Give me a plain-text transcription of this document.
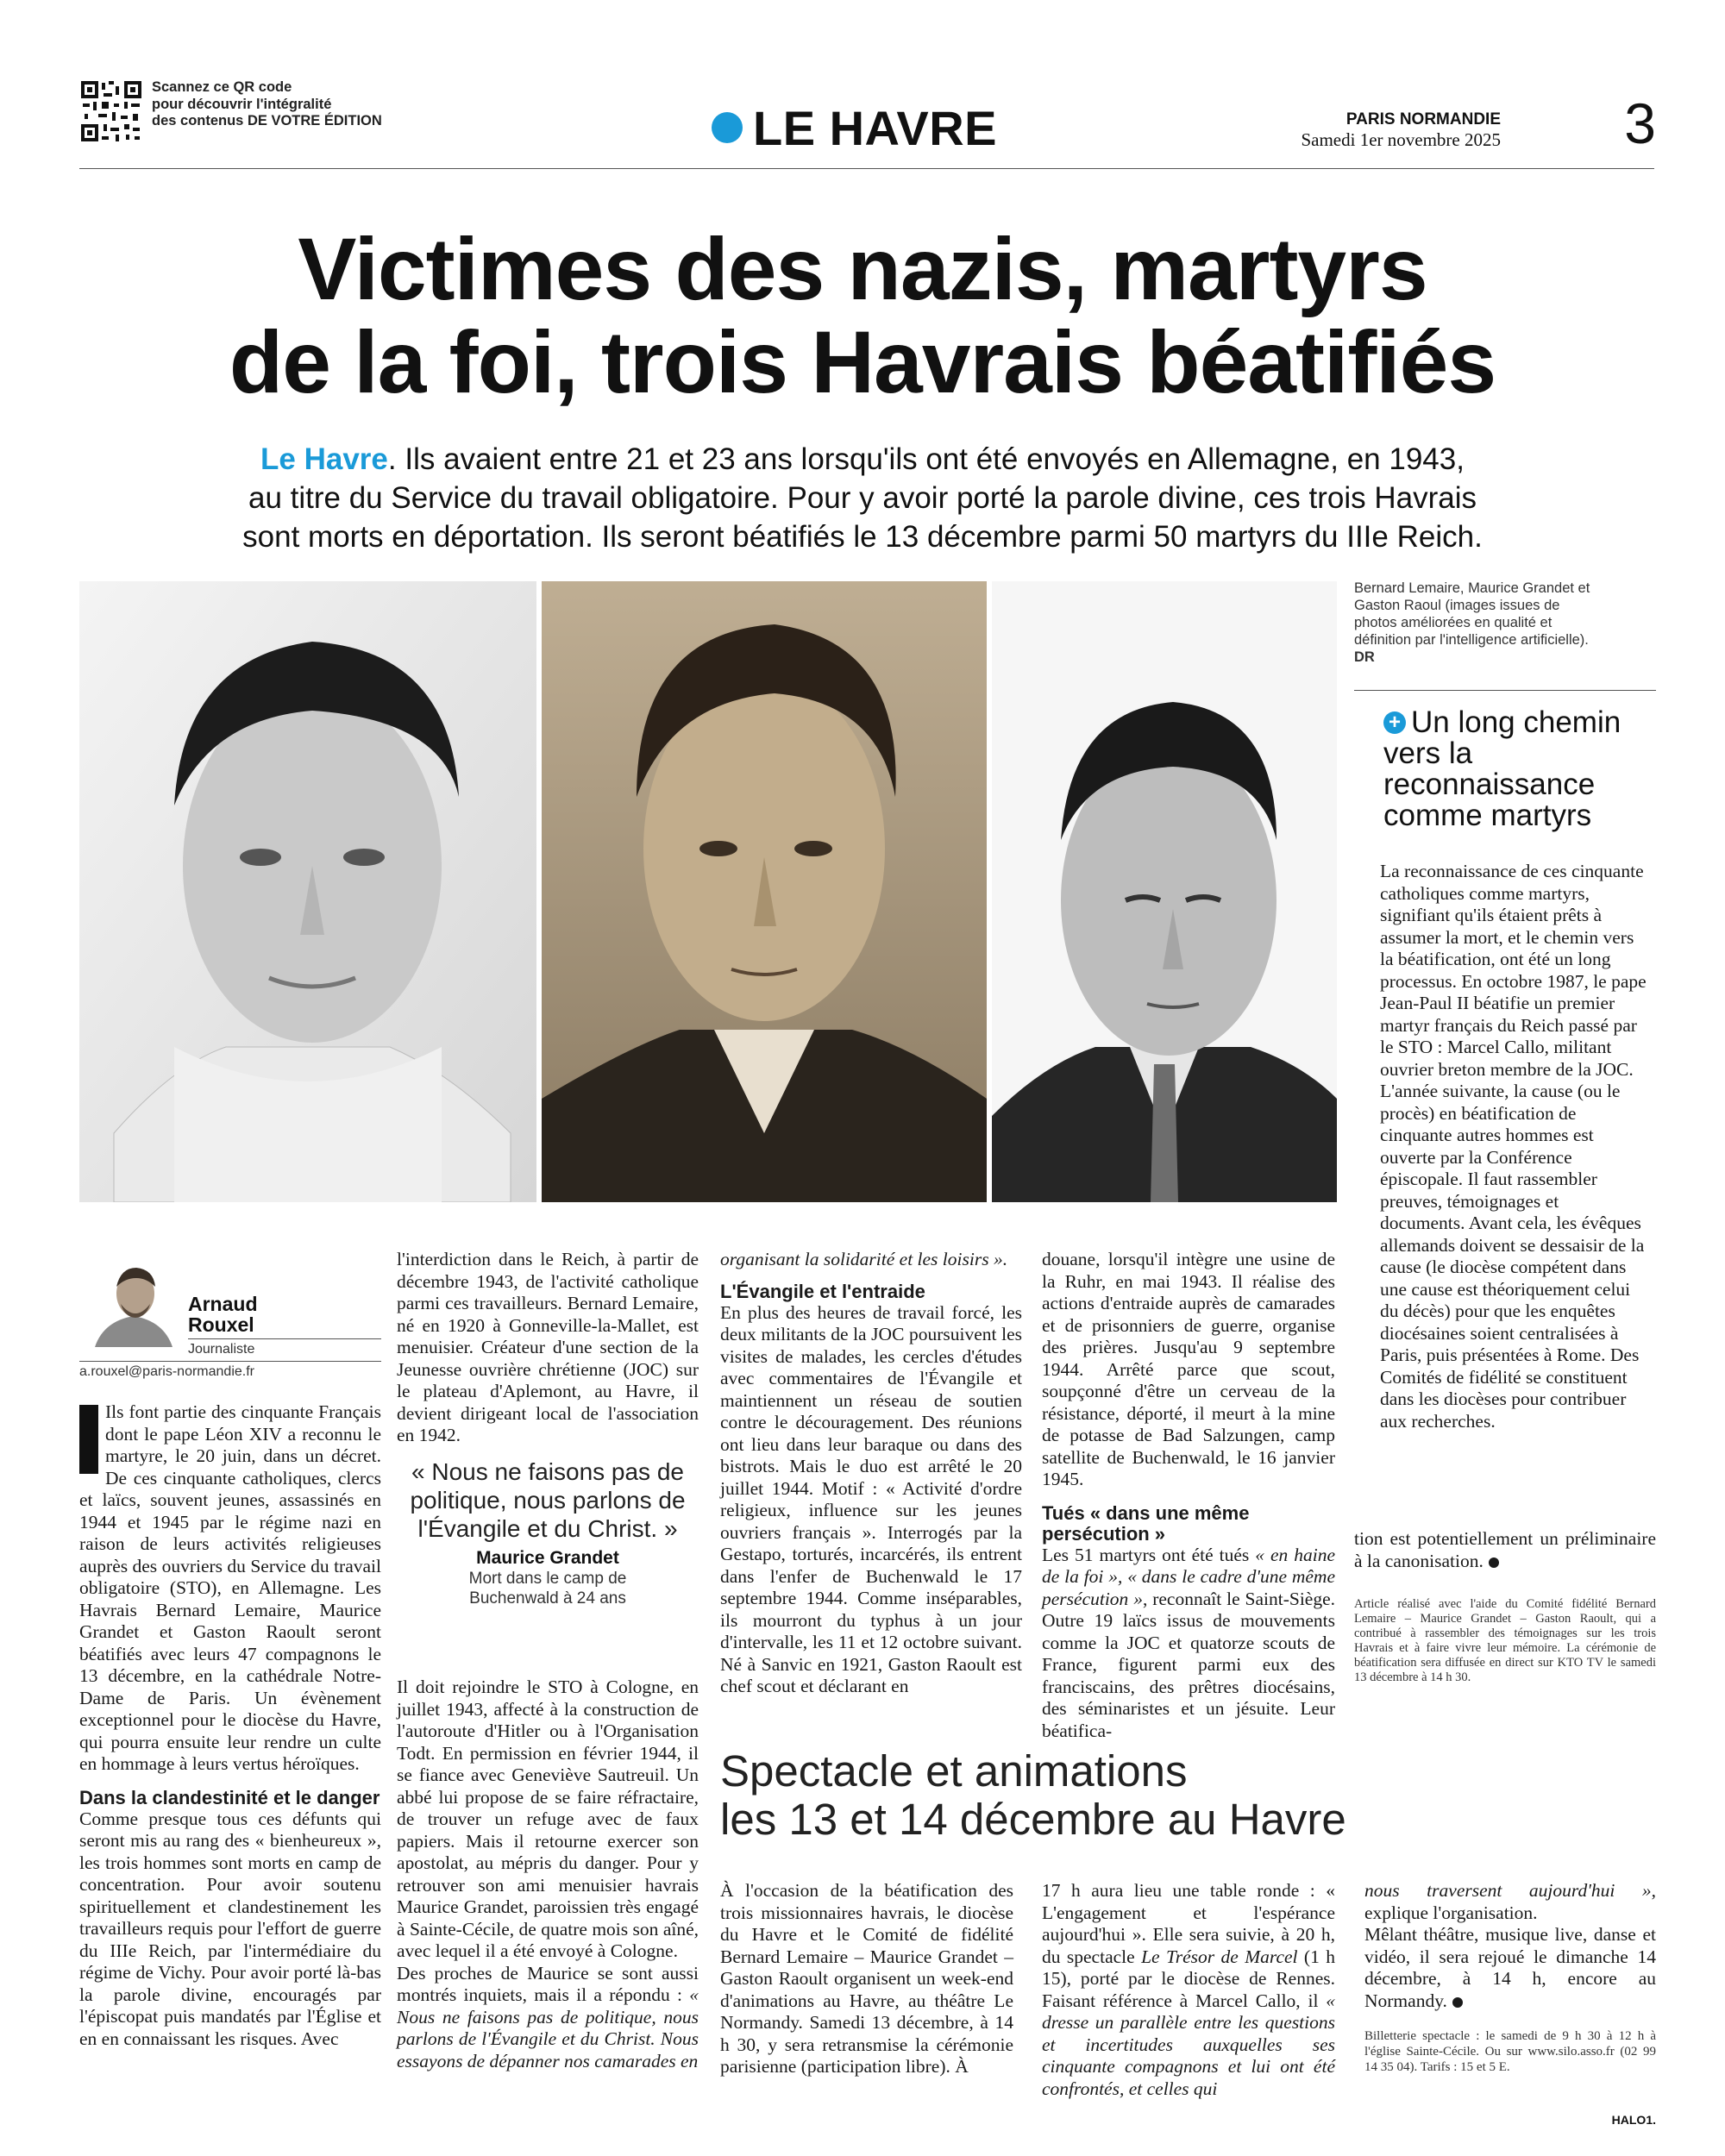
Scannez ce QR code
pour découvrir l'intégralité
des contenus DE VOTRE ÉDITION	LE HAVRE	PARIS NORMANDIE
Samedi 1er novembre 2025 3
Victimes des nazis, martyrs
de la foi, trois Havrais béatifiés
Le Havre. Ils avaient entre 21 et 23 ans lorsqu'ils ont été envoyés en Allemagne, en 1943,
au titre du Service du travail obligatoire. Pour y avoir porté la parole divine, ces trois Havrais
sont morts en déportation. Ils seront béatifiés le 13 décembre parmi 50 martyrs du IIIe Reich.
Bernard Lemaire, Maurice Grandet et Gaston Raoul (images issues de photos améliorées en qualité et définition par l'intelligence artificielle). DR
+ Un long chemin vers la reconnaissance comme martyrs

La reconnaissance de ces cinquante catholiques comme martyrs, signifiant qu'ils étaient prêts à assumer la mort, et le chemin vers la béatification, ont été un long processus. En octobre 1987, le pape Jean-Paul II béatifie un premier martyr français du Reich passé par le STO : Marcel Callo, militant ouvrier breton membre de la JOC. L'année suivante, la cause (ou le procès) en béatification de cinquante autres hommes est ouverte par la Conférence épiscopale. Il faut rassembler preuves, témoignages et documents. Avant cela, les évêques allemands doivent se dessaisir de la cause (le diocèse compétent dans une cause est théoriquement celui du décès) pour que les enquêtes diocésaines soient centralisées à Paris, puis présentées à Rome. Des Comités de fidélité se constituent dans les diocèses pour contribuer aux recherches.

tion est potentiellement un préliminaire à la canonisation.

Article réalisé avec l'aide du Comité fidélité Bernard Lemaire – Maurice Grandet – Gaston Raoult, qui a contribué à rassembler des témoignages sur les trois Havrais et à faire vivre leur mémoire. La cérémonie de béatification sera diffusée en direct sur KTO TV le samedi 13 décembre à 14 h 30.

Arnaud
Rouxel
Journaliste
a.rouxel@paris-normandie.fr

Ils font partie des cinquante Français dont le pape Léon XIV a reconnu le martyre, le 20 juin, dans un décret. De ces cinquante catholiques, clercs et laïcs, souvent jeunes, assassinés en 1944 et 1945 par le régime nazi en raison de leurs activités religieuses auprès des ouvriers du Service du travail obligatoire (STO), en Allemagne. Les Havrais Bernard Lemaire, Maurice Grandet et Gaston Raoult seront béatifiés avec leurs 47 compagnons le 13 décembre, en la cathédrale Notre-Dame de Paris. Un évènement exceptionnel pour le diocèse du Havre, qui pourra ensuite leur rendre un culte en hommage à leurs vertus héroïques.

Dans la clandestinité et le danger

Comme presque tous ces défunts qui seront mis au rang des « bienheureux », les trois hommes sont morts en camp de concentration. Pour avoir soutenu spirituellement et clandestinement les travailleurs requis pour l'effort de guerre du IIIe Reich, par l'intermédiaire du régime de Vichy. Pour avoir porté là-bas la parole divine, encouragés par l'épiscopat puis mandatés par l'Église et en en connaissant les risques. Avec

l'interdiction dans le Reich, à partir de décembre 1943, de l'activité catholique parmi ces travailleurs. Bernard Lemaire, né en 1920 à Gonneville-la-Mallet, est menuisier. Créateur d'une section de la Jeunesse ouvrière chrétienne (JOC) sur le plateau d'Aplemont, au Havre, il devient dirigeant local de l'association en 1942.

« Nous ne faisons pas de politique, nous parlons de l'Évangile et du Christ. »
Maurice Grandet
Mort dans le camp de Buchenwald à 24 ans

Il doit rejoindre le STO à Cologne, en juillet 1943, affecté à la construction de l'autoroute d'Hitler ou à l'Organisation Todt. En permission en février 1944, il se fiance avec Geneviève Sautreuil. Un abbé lui propose de se faire réfractaire, de trouver un refuge avec de faux papiers. Mais il retourne exercer son apostolat, au mépris du danger. Pour y retrouver son ami menuisier havrais Maurice Grandet, paroissien très engagé à Sainte-Cécile, de quatre mois son aîné, avec lequel il a été envoyé à Cologne.

Des proches de Maurice se sont aussi montrés inquiets, mais il a répondu : « Nous ne faisons pas de politique, nous parlons de l'Évangile et du Christ. Nous essayons de dépanner nos camarades en

organisant la solidarité et les loisirs ».

L'Évangile et l'entraide

En plus des heures de travail forcé, les deux militants de la JOC poursuivent les visites de malades, les cercles d'études avec commentaires de l'Évangile et maintiennent un réseau de soutien contre le découragement. Des réunions ont lieu dans leur baraque ou dans des bistrots. Mais le duo est arrêté le 20 juillet 1944. Motif : « Activité d'ordre religieux, influence sur les jeunes ouvriers français ». Interrogés par la Gestapo, torturés, incarcérés, ils entrent dans l'enfer de Buchenwald le 17 septembre 1944. Comme inséparables, ils mourront du typhus à un jour d'intervalle, les 11 et 12 octobre suivant. Né à Sanvic en 1921, Gaston Raoult est chef scout et déclarant en

douane, lorsqu'il intègre une usine de la Ruhr, en mai 1943. Il réalise des actions d'entraide auprès de camarades et de prisonniers de guerre, organise des prières. Jusqu'au 9 septembre 1944. Arrêté parce que scout, soupçonné d'être un cerveau de la résistance, déporté, il meurt à la mine de potasse de Bad Salzungen, camp satellite de Buchenwald, le 16 janvier 1945.

Tués « dans une même persécution »

Les 51 martyrs ont été tués « en haine de la foi », « dans le cadre d'une même persécution », reconnaît le Saint-Siège. Outre 19 laïcs issus de mouvements comme la JOC et quatorze scouts de France, figurent parmi eux des franciscains, des prêtres diocésains, des séminaristes et un jésuite. Leur béatifica-

Spectacle et animations
les 13 et 14 décembre au Havre

À l'occasion de la béatification des trois missionnaires havrais, le diocèse du Havre et le Comité de fidélité Bernard Lemaire – Maurice Grandet – Gaston Raoult organisent un week-end d'animations au Havre, au théâtre Le Normandy. Samedi 13 décembre, à 14 h 30, y sera retransmise la cérémonie parisienne (participation libre). À

17 h aura lieu une table ronde : « L'engagement et l'espérance aujourd'hui ». Elle sera suivie, à 20 h, du spectacle Le Trésor de Marcel (1 h 15), porté par le diocèse de Rennes. Faisant référence à Marcel Callo, il « dresse un parallèle entre les questions et incertitudes auxquelles ses cinquante compagnons et lui ont été confrontés, et celles qui

nous traversent aujourd'hui », explique l'organisation.

Mêlant théâtre, musique live, danse et vidéo, il sera rejoué le dimanche 14 décembre, à 14 h, encore au Normandy.

Billetterie spectacle : le samedi de 9 h 30 à 12 h à l'église Sainte-Cécile. Ou sur www.silo.asso.fr (02 99 14 35 04). Tarifs : 15 et 5 E.

HALO1.
